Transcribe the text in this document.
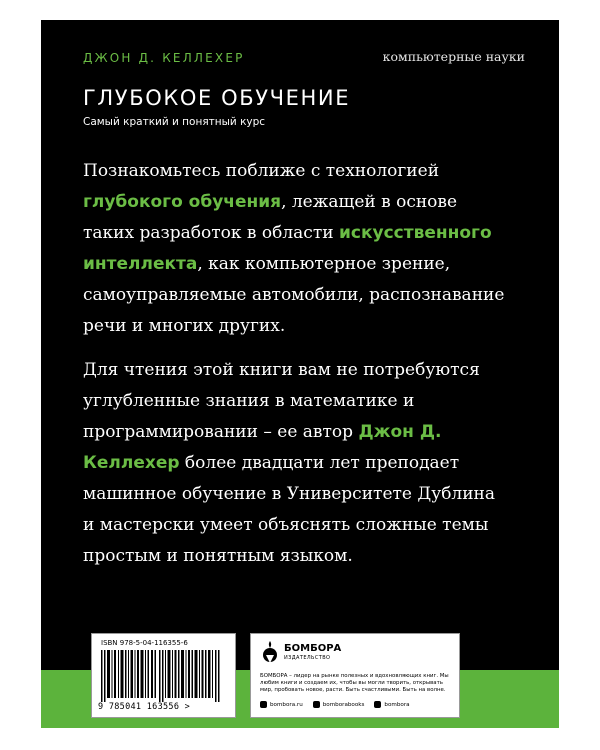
ДЖОН Д. КЕЛЛЕХЕР	компьютерные науки
ГЛУБОКОЕ ОБУЧЕНИЕ
Самый краткий и понятный курс

Познакомьтесь поближе с технологией
глубокого обучения, лежащей в основе
таких разработок в области искусственного
интеллекта, как компьютерное зрение,
самоуправляемые автомобили, распознавание
речи и многих других.

Для чтения этой книги вам не потребуются
углубленные знания в математике и
программировании – ее автор Джон Д.
Келлехер более двадцати лет преподает
машинное обучение в Университете Дублина
и мастерски умеет объяснять сложные темы
простым и понятным языком.

ISBN 978-5-04-116355-6
9 785041 163556 >
БОМБОРА
ИЗДАТЕЛЬСТВО
БОМБОРА – лидер на рынке полезных и вдохновляющих книг. Мы любим книги и создаем их, чтобы вы могли творить, открывать мир, пробовать новое, расти. Быть счастливыми. Быть на волне.
bombora.ru	bomborabooks	bombora
